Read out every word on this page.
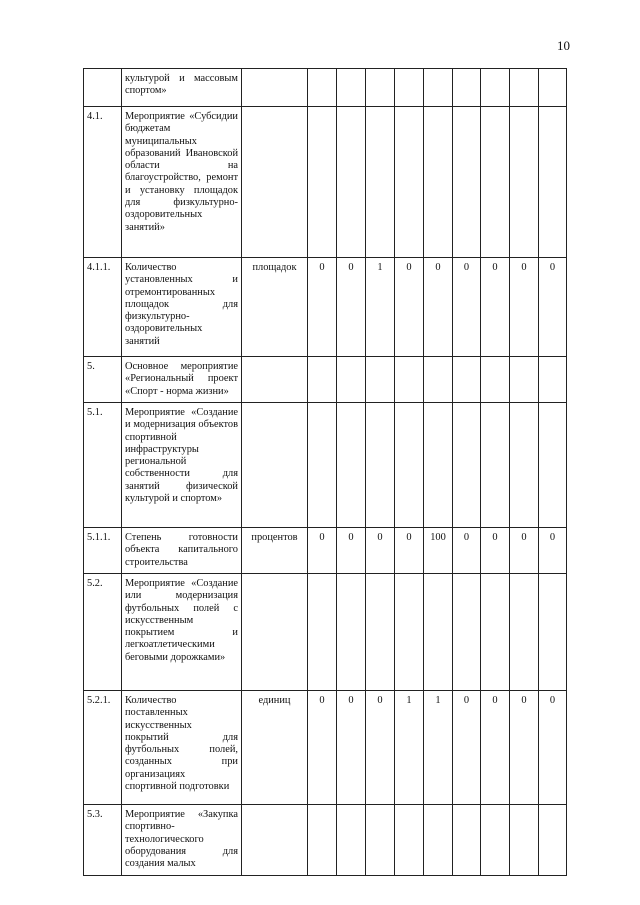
10
	культурой и массовым спортом»										
4.1.	Мероприятие «Субсидии бюджетам муниципальных образований Ивановской области на благоустройство, ремонт и установку площадок для физкультурно-оздоровительных занятий»										
4.1.1.	Количество установленных и отремонтированных площадок для физкультурно-оздоровительных занятий	площадок	0	0	1	0	0	0	0	0	0
5.	Основное мероприятие «Региональный проект «Спорт - норма жизни»										
5.1.	Мероприятие «Создание и модернизация объектов спортивной инфраструктуры региональной собственности для занятий физической культурой и спортом»										
5.1.1.	Степень готовности объекта капитального строительства	процентов	0	0	0	0	100	0	0	0	0
5.2.	Мероприятие «Создание или модернизация футбольных полей с искусственным покрытием и легкоатлетическими беговыми дорожками»										
5.2.1.	Количество поставленных искусственных покрытий для футбольных полей, созданных при организациях спортивной подготовки	единиц	0	0	0	1	1	0	0	0	0
5.3.	Мероприятие «Закупка спортивно-технологического оборудования для создания малых										
